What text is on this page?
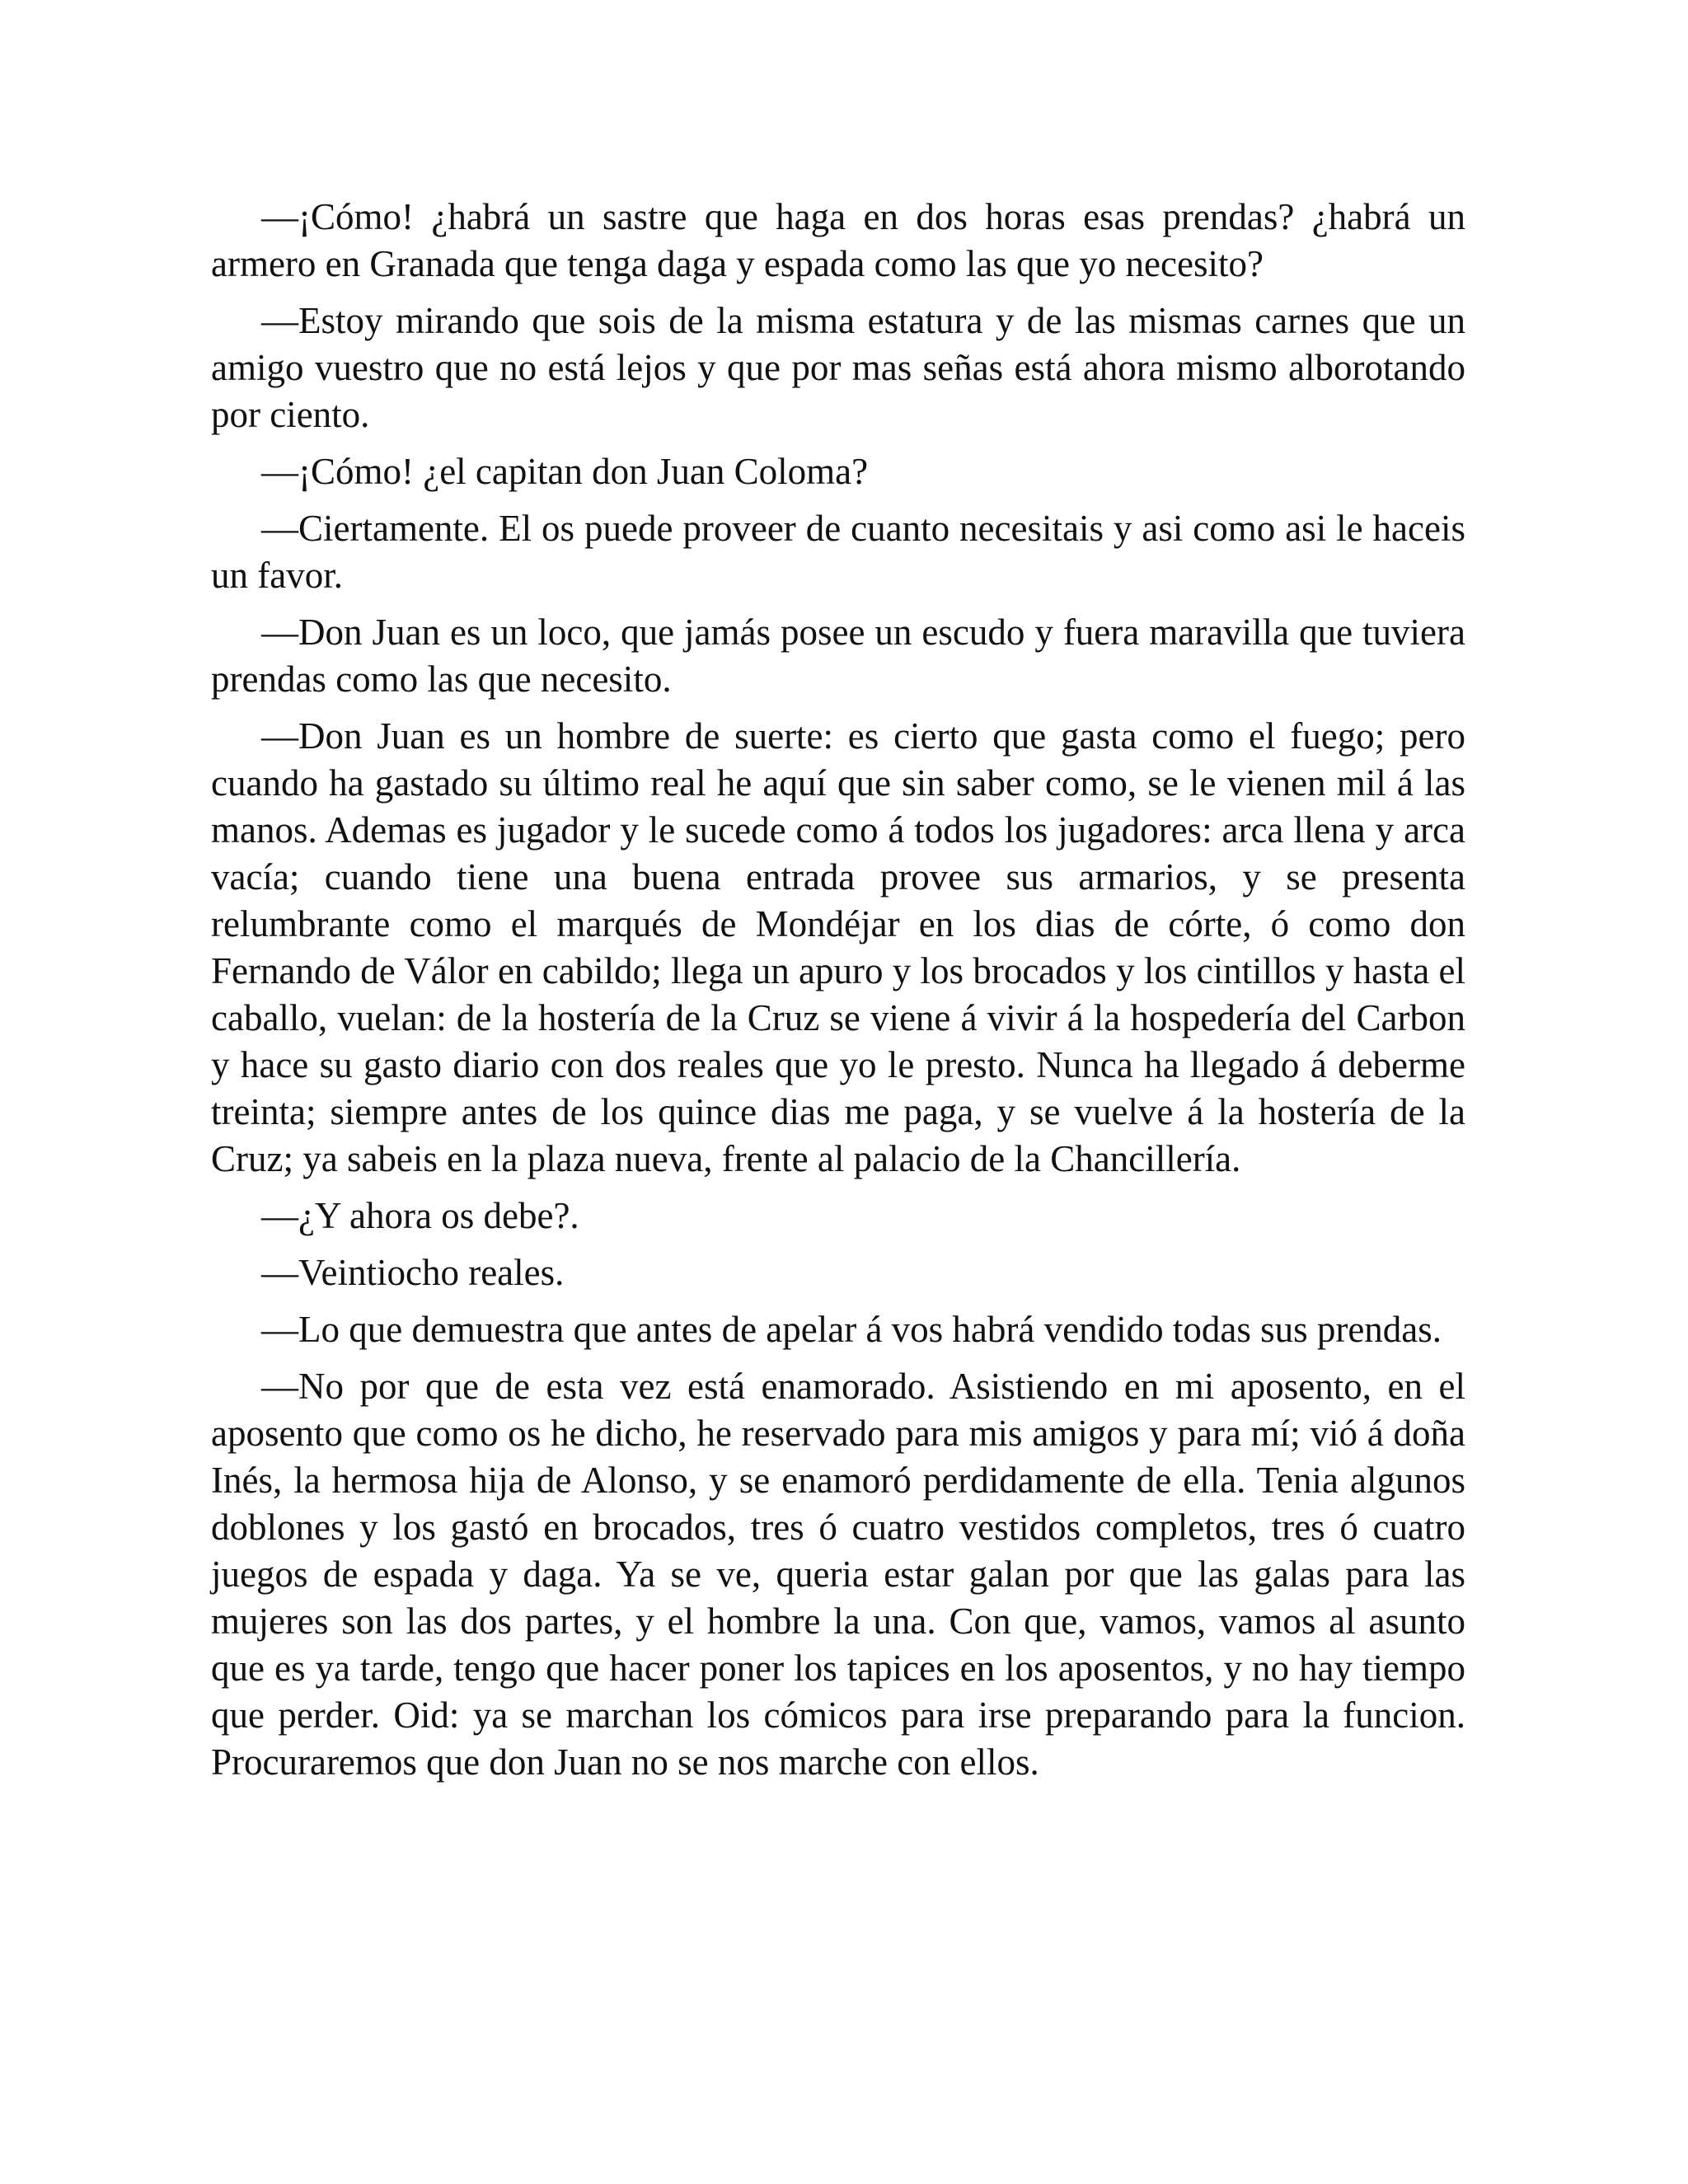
—¡Cómo! ¿habrá un sastre que haga en dos horas esas prendas? ¿habrá un armero en Granada que tenga daga y espada como las que yo necesito?

—Estoy mirando que sois de la misma estatura y de las mismas carnes que un amigo vuestro que no está lejos y que por mas señas está ahora mismo alborotando por ciento.

—¡Cómo! ¿el capitan don Juan Coloma?

—Ciertamente. El os puede proveer de cuanto necesitais y asi como asi le haceis un favor.

—Don Juan es un loco, que jamás posee un escudo y fuera maravilla que tuviera prendas como las que necesito.

—Don Juan es un hombre de suerte: es cierto que gasta como el fuego; pero cuando ha gastado su último real he aquí que sin saber como, se le vienen mil á las manos. Ademas es jugador y le sucede como á todos los jugadores: arca llena y arca vacía; cuando tiene una buena entrada provee sus armarios, y se presenta relumbrante como el marqués de Mondéjar en los dias de córte, ó como don Fernando de Válor en cabildo; llega un apuro y los brocados y los cintillos y hasta el caballo, vuelan: de la hostería de la Cruz se viene á vivir á la hospedería del Carbon y hace su gasto diario con dos reales que yo le presto. Nunca ha llegado á deberme treinta; siempre antes de los quince dias me paga, y se vuelve á la hostería de la Cruz; ya sabeis en la plaza nueva, frente al palacio de la Chancillería.

—¿Y ahora os debe?.

—Veintiocho reales.

—Lo que demuestra que antes de apelar á vos habrá vendido todas sus prendas.

—No por que de esta vez está enamorado. Asistiendo en mi aposento, en el aposento que como os he dicho, he reservado para mis amigos y para mí; vió á doña Inés, la hermosa hija de Alonso, y se enamoró perdidamente de ella. Tenia algunos doblones y los gastó en brocados, tres ó cuatro vestidos completos, tres ó cuatro juegos de espada y daga. Ya se ve, queria estar galan por que las galas para las mujeres son las dos partes, y el hombre la una. Con que, vamos, vamos al asunto que es ya tarde, tengo que hacer poner los tapices en los aposentos, y no hay tiempo que perder. Oid: ya se marchan los cómicos para irse preparando para la funcion. Procuraremos que don Juan no se nos marche con ellos.
